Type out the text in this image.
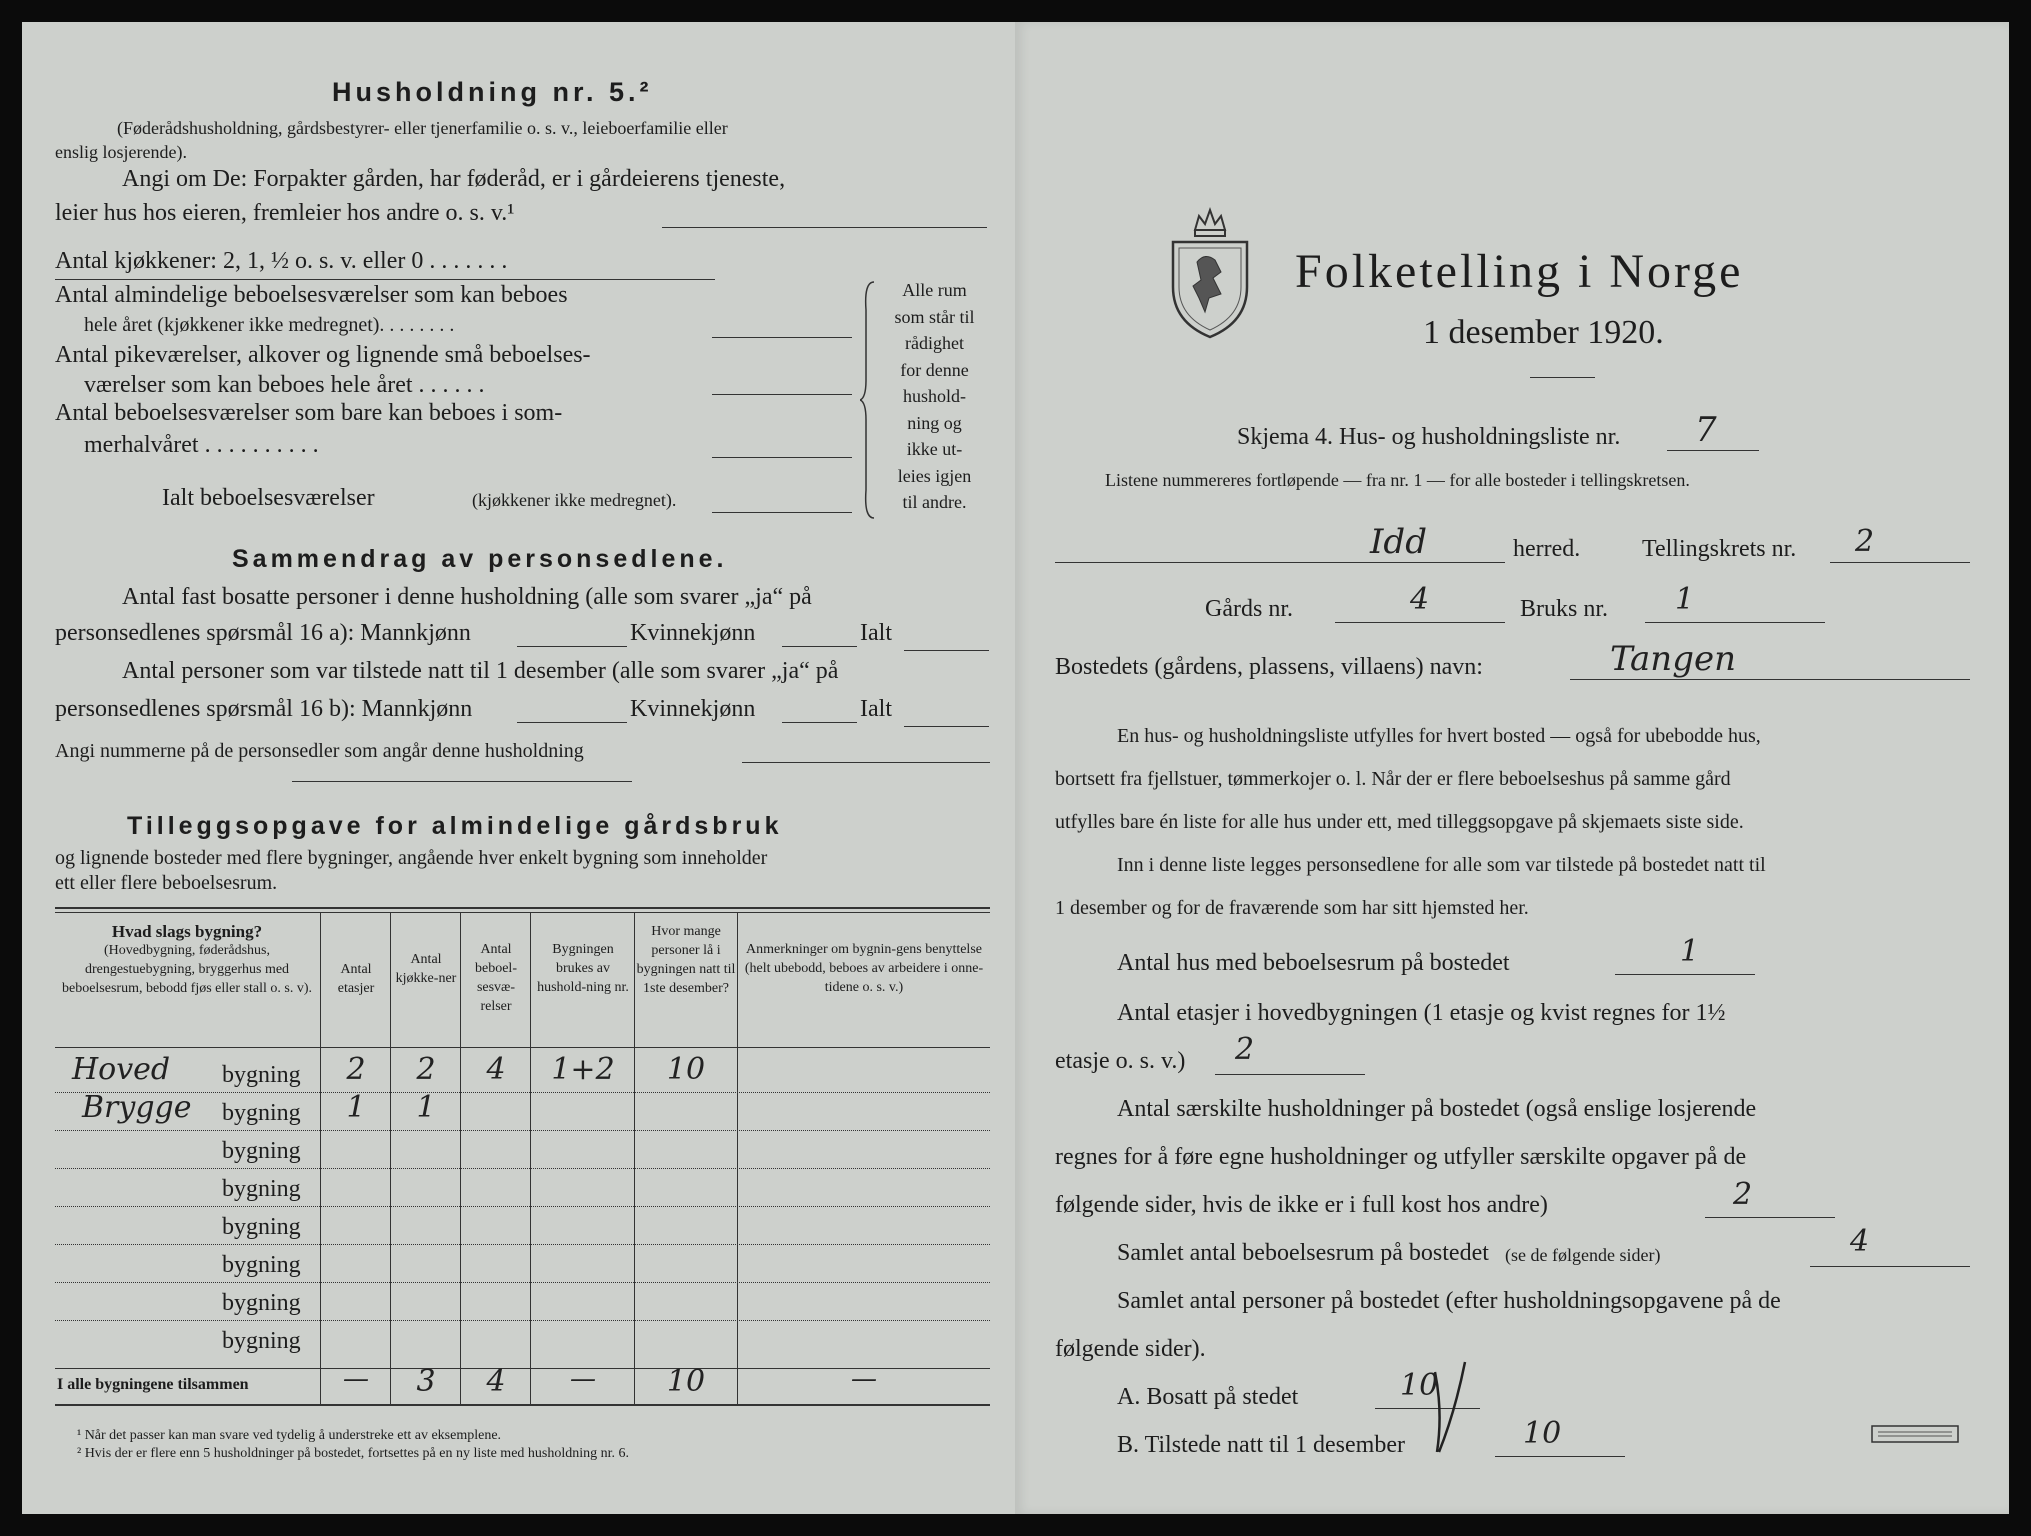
Husholdning nr. 5.²
(Føderådshusholdning, gårdsbestyrer- eller tjenerfamilie o. s. v., leieboerfamilie eller
enslig losjerende).
Angi om De: Forpakter gården, har føderåd, er i gårdeierens tjeneste,
leier hus hos eieren, fremleier hos andre o. s. v.¹
Antal kjøkkener: 2, 1, ½ o. s. v. eller 0 . . . . . . .
Antal almindelige beboelsesværelser som kan beboes
hele året (kjøkkener ikke medregnet). . . . . . . .
Antal pikeværelser, alkover og lignende små beboelses-
værelser som kan beboes hele året . . . . . .
Antal beboelsesværelser som bare kan beboes i som-
merhalvåret . . . . . . . . . .
Ialt beboelsesværelser	(kjøkkener ikke medregnet).
Alle rum
som står til
rådighet
for denne
hushold-
ning og
ikke ut-
leies igjen
til andre.
Sammendrag av personsedlene.
Antal fast bosatte personer i denne husholdning (alle som svarer „ja“ på
personsedlenes spørsmål 16 a): Mannkjønn	Kvinnekjønn	Ialt
Antal personer som var tilstede natt til 1 desember (alle som svarer „ja“ på
personsedlenes spørsmål 16 b): Mannkjønn	Kvinnekjønn	Ialt
Angi nummerne på de personsedler som angår denne husholdning
Tilleggsopgave for almindelige gårdsbruk
og lignende bosteder med flere bygninger, angående hver enkelt bygning som inneholder
ett eller flere beboelsesrum.
Hvad slags bygning?
(Hovedbygning, føderådshus, drengestuebygning, bryggerhus med beboelsesrum, bebodd fjøs eller stall o. s. v).
Antal etasjer
Antal kjøkke-ner
Antal beboel-sesvæ-relser
Bygningen brukes av hushold-ning nr.
Hvor mange personer lå i bygningen natt til 1ste desember?
Anmerkninger om bygnin-gens benyttelse (helt ubebodd, beboes av arbeidere i onne-tidene o. s. v.)
Hoved bygning	2	2	4	1+2	10
Brygge bygning	1	1
bygning
bygning
bygning
bygning
bygning
bygning
I alle bygningene tilsammen	—	3	4	—	10	—
¹ Når det passer kan man svare ved tydelig å understreke ett av eksemplene.
² Hvis der er flere enn 5 husholdninger på bostedet, fortsettes på en ny liste med husholdning nr. 6.
Folketelling i Norge
1 desember 1920.
Skjema 4. Hus- og husholdningsliste nr. 7
Listene nummereres fortløpende — fra nr. 1 — for alle bosteder i tellingskretsen.
Idd	herred.	Tellingskrets nr. 2
Gårds nr.	4	Bruks nr. 1
Bostedets (gårdens, plassens, villaens) navn:	Tangen
En hus- og husholdningsliste utfylles for hvert bosted — også for ubebodde hus,
bortsett fra fjellstuer, tømmerkojer o. l. Når der er flere beboelseshus på samme gård
utfylles bare én liste for alle hus under ett, med tilleggsopgave på skjemaets siste side.
Inn i denne liste legges personsedlene for alle som var tilstede på bostedet natt til
1 desember og for de fraværende som har sitt hjemsted her.
Antal hus med beboelsesrum på bostedet	1
Antal etasjer i hovedbygningen (1 etasje og kvist regnes for 1½
etasje o. s. v.) 2
Antal særskilte husholdninger på bostedet (også enslige losjerende
regnes for å føre egne husholdninger og utfyller særskilte opgaver på de
følgende sider, hvis de ikke er i full kost hos andre)	2
Samlet antal beboelsesrum på bostedet (se de følgende sider)	4
Samlet antal personer på bostedet (efter husholdningsopgavene på de
følgende sider).
A. Bosatt på stedet	10
B. Tilstede natt til 1 desember	10
